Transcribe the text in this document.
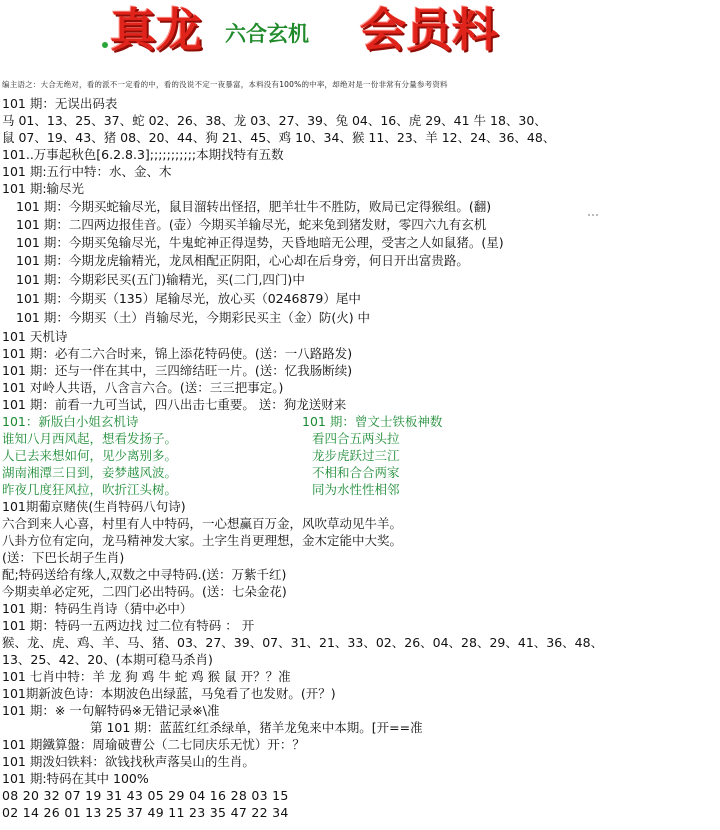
真龙 六合玄机 会员料
编主语之：大合无绝对，看的派不一定看的中，看的没说不定一夜暴富，本料没有100%的中率，却绝对是一份非常有分量参考资料
101 期：无误出码表
马 01、13、25、37、蛇 02、26、38、龙 03、27、39、兔 04、16、虎 29、41 牛 18、30、
鼠 07、19、43、猪 08、20、44、狗 21、45、鸡 10、34、猴 11、23、羊 12、24、36、48、
101..万事起秋色[6.2.8.3];;;;;;;;;;;本期找特有五数
101 期:五行中特：水、金、木
101 期:输尽光
101 期：今期买蛇输尽光，鼠目溜转出怪招，肥羊壮牛不胜防，败局已定得猴组。(翻)
101 期：二四两边报佳音。(壶）今期买羊输尽光，蛇来兔到猪发财，零四六九有玄机
101 期：今期买兔输尽光，牛鬼蛇神正得逞势，天昏地暗无公理，受害之人如鼠猪。(星)
101 期：今期龙虎输精光，龙凤相配正阴阳，心心却在后身旁，何日开出富贵路。
101 期：今期彩民买(五门)输精光，买(二门,四门)中
101 期：今期买（135）尾输尽光，放心买（0246879）尾中
101 期：今期买（土）肖输尽光，今期彩民买主（金）防(火) 中
101 天机诗
101 期：必有二六合时来，锦上添花特码使。(送：一八路路发)
101 期：还与一伴在其中，三四缔结旺一片。(送：忆我肠断续)
101 对岭人共语，八含言六合。(送：三三把事定。)
101 期：前看一九可当试，四八出击七重要。 送：狗龙送财来
101：新版白小姐玄机诗
谁知八月西风起，想看发扬子。
人已去来想如何，见少离别多。
湖南湘潭三日到，妾梦越风波。
昨夜几度狂风拉，吹折江头树。
101 期：曾文士铁板神数
看四合五两头拉
龙步虎跃过三江
不相和合合两家
同为水性性相邻
101期葡京赌侠(生肖特码八句诗)
六合到来人心喜，村里有人中特码，一心想赢百万金，风吹草动见牛羊。
八卦方位有定向，龙马精神发大家。土字生肖更理想，金木定能中大奖。
(送：下巴长胡子生肖)
配;特码送给有缘人,双数之中寻特码.(送：万紫千红)
今期卖单必定死，二四门必出特码。(送：七朵金花)
101 期：特码生肖诗（猜中必中）
101 期：特码一五两边找 过二位有特码 ： 开
猴、龙、虎、鸡、羊、马、猪、03、27、39、07、31、21、33、02、26、04、28、29、41、36、48、
13、25、42、20、(本期可稳马杀肖)
101 七肖中特：羊 龙 狗 鸡 牛 蛇 鸡 猴 鼠 开？？准
101期新波色诗：本期波色出绿蓝，马兔看了也发财。(开？)
101 期：※ 一句解特码※无错记录※\准
第 101 期：蓝蓝红红杀绿单，猪羊龙兔来中本期。[开==准
101 期鐵算盤：周瑜破曹公（二七同庆乐无忧）开：？
101 期泼妇铁料：欲钱找秋声落吴山的生肖。
101 期:特码在其中 100%
08 20 32 07 19 31 43 05 29 04 16 28 03 15
02 14 26 01 13 25 37 49 11 23 35 47 22 34
